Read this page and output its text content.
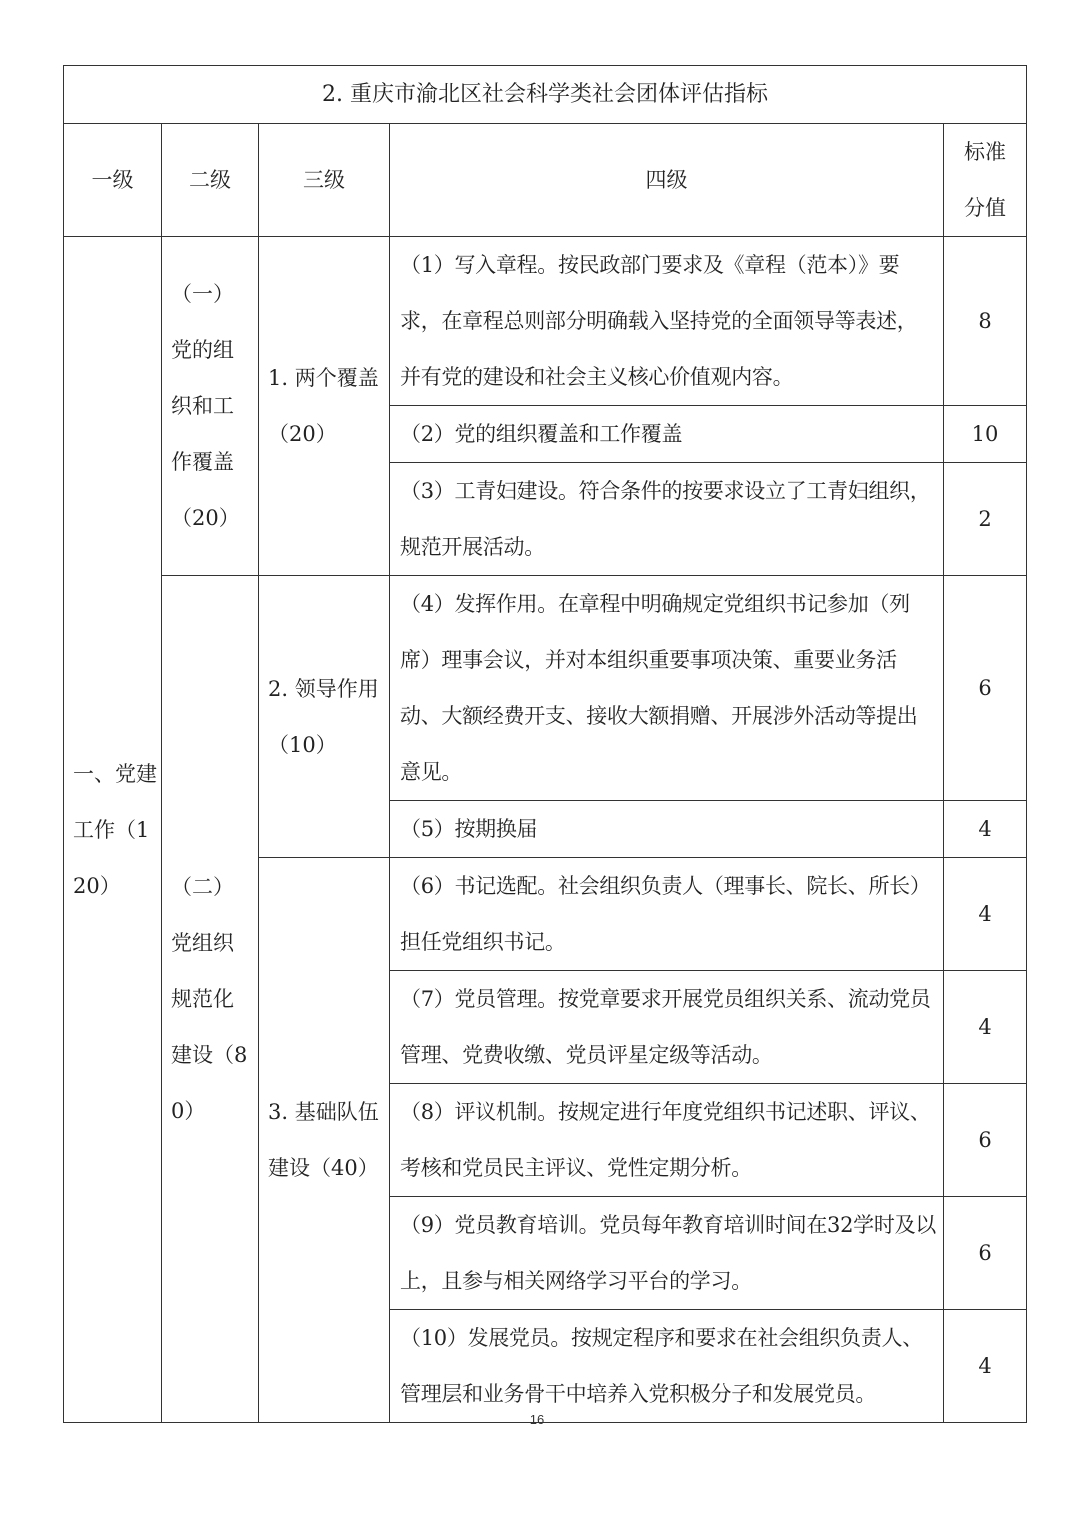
2. 重庆市渝北区社会科学类社会团体评估指标				
一级	二级	三级	四级	标准分值

一、党建工作（120）	（一）党的组织和工作覆盖（20）	1. 两个覆盖（20）	（1）写入章程。按民政部门要求及《章程（范本）》要求，在章程总则部分明确载入坚持党的全面领导等表述，并有党的建设和社会主义核心价值观内容。	8

			（2）党的组织覆盖和工作覆盖	10

			（3）工青妇建设。符合条件的按要求设立了工青妇组织，规范开展活动。	2

	（二）党组织规范化建设（80）	2. 领导作用（10）	（4）发挥作用。在章程中明确规定党组织书记参加（列席）理事会议，并对本组织重要事项决策、重要业务活动、大额经费开支、接收大额捐赠、开展涉外活动等提出意见。	6

			（5）按期换届	4

		3. 基础队伍建设（40）	（6）书记选配。社会组织负责人（理事长、院长、所长）担任党组织书记。	4

			（7）党员管理。按党章要求开展党员组织关系、流动党员管理、党费收缴、党员评星定级等活动。	4

			（8）评议机制。按规定进行年度党组织书记述职、评议、考核和党员民主评议、党性定期分析。	6

			（9）党员教育培训。党员每年教育培训时间在32学时及以上，且参与相关网络学习平台的学习。	6

			（10）发展党员。按规定程序和要求在社会组织负责人、管理层和业务骨干中培养入党积极分子和发展党员。	4
16
